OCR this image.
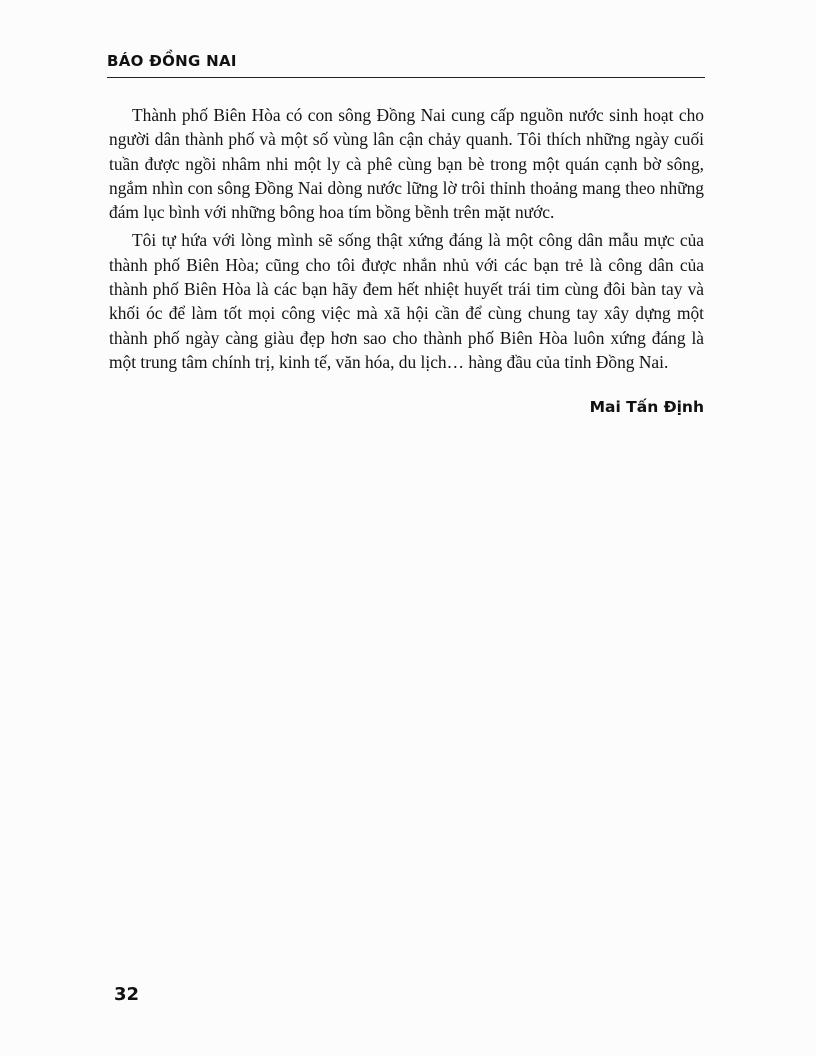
BÁO ĐỒNG NAI

Thành phố Biên Hòa có con sông Đồng Nai cung cấp nguồn nước sinh hoạt cho người dân thành phố và một số vùng lân cận chảy quanh. Tôi thích những ngày cuối tuần được ngồi nhâm nhi một ly cà phê cùng bạn bè trong một quán cạnh bờ sông, ngắm nhìn con sông Đồng Nai dòng nước lững lờ trôi thỉnh thoảng mang theo những đám lục bình với những bông hoa tím bồng bềnh trên mặt nước.

Tôi tự hứa với lòng mình sẽ sống thật xứng đáng là một công dân mẫu mực của thành phố Biên Hòa; cũng cho tôi được nhắn nhủ với các bạn trẻ là công dân của thành phố Biên Hòa là các bạn hãy đem hết nhiệt huyết trái tim cùng đôi bàn tay và khối óc để làm tốt mọi công việc mà xã hội cần để cùng chung tay xây dựng một thành phố ngày càng giàu đẹp hơn sao cho thành phố Biên Hòa luôn xứng đáng là một trung tâm chính trị, kinh tế, văn hóa, du lịch… hàng đầu của tỉnh Đồng Nai.

Mai Tấn Định
32
